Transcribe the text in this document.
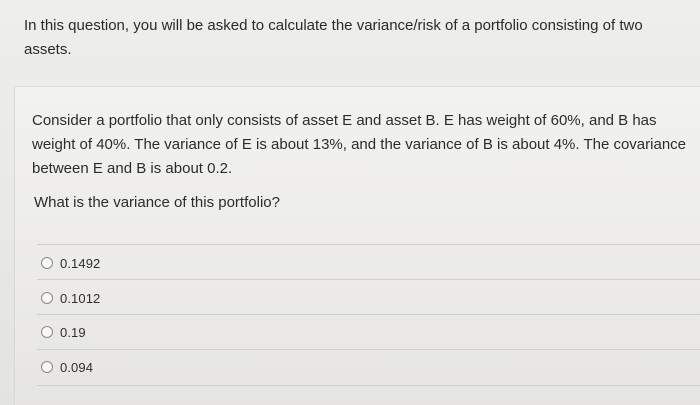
In this question, you will be asked to calculate the variance/risk of a portfolio consisting of two assets.

Consider a portfolio that only consists of asset E and asset B. E has weight of 60%, and B has weight of 40%. The variance of E is about 13%, and the variance of B is about 4%. The covariance between E and B is about 0.2.

What is the variance of this portfolio?

0.1492
0.1012
0.19
0.094
